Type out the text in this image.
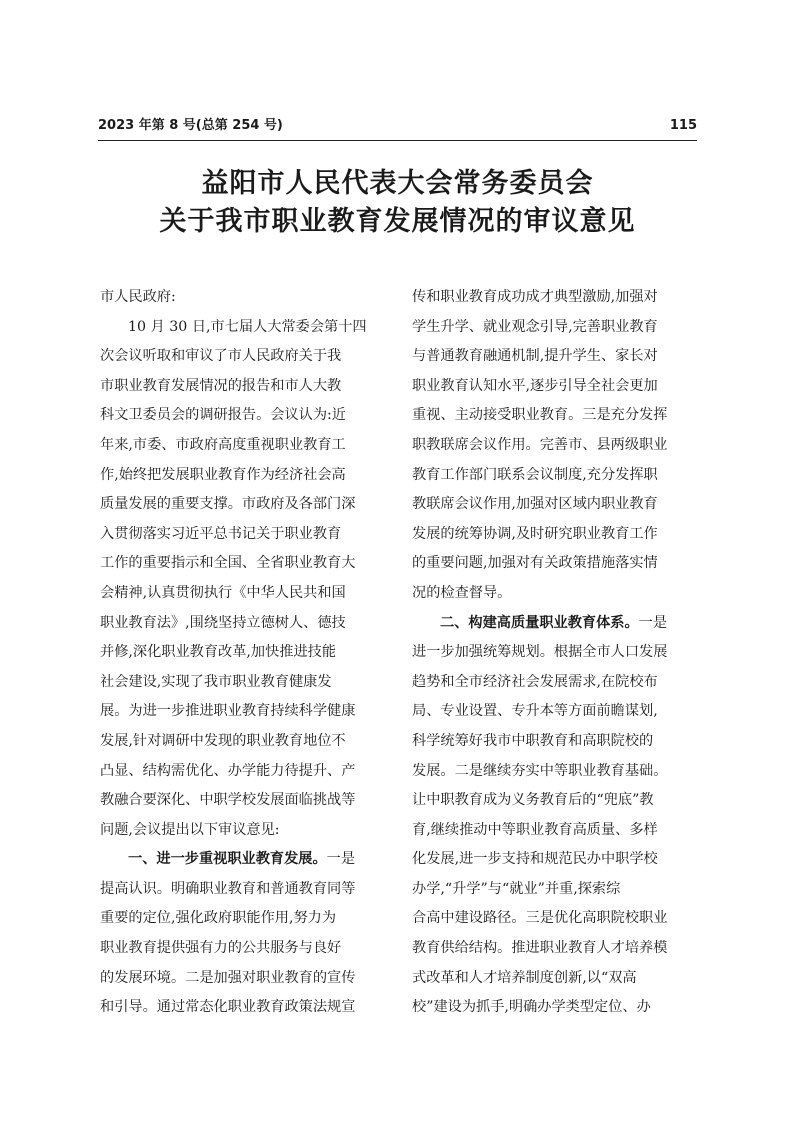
2023 年第 8 号(总第 254 号)	115
益阳市人民代表大会常务委员会
关于我市职业教育发展情况的审议意见
市人民政府:
10 月 30 日,市七届人大常委会第十四
次会议听取和审议了市人民政府关于我
市职业教育发展情况的报告和市人大教
科文卫委员会的调研报告。会议认为:近
年来,市委、市政府高度重视职业教育工
作,始终把发展职业教育作为经济社会高
质量发展的重要支撑。市政府及各部门深
入贯彻落实习近平总书记关于职业教育
工作的重要指示和全国、全省职业教育大
会精神,认真贯彻执行《中华人民共和国
职业教育法》,围绕坚持立德树人、德技
并修,深化职业教育改革,加快推进技能
社会建设,实现了我市职业教育健康发
展。为进一步推进职业教育持续科学健康
发展,针对调研中发现的职业教育地位不
凸显、结构需优化、办学能力待提升、产
教融合要深化、中职学校发展面临挑战等
问题,会议提出以下审议意见:
一、进一步重视职业教育发展。一是
提高认识。明确职业教育和普通教育同等
重要的定位,强化政府职能作用,努力为
职业教育提供强有力的公共服务与良好
的发展环境。二是加强对职业教育的宣传
和引导。通过常态化职业教育政策法规宣
传和职业教育成功成才典型激励,加强对
学生升学、就业观念引导,完善职业教育
与普通教育融通机制,提升学生、家长对
职业教育认知水平,逐步引导全社会更加
重视、主动接受职业教育。三是充分发挥
职教联席会议作用。完善市、县两级职业
教育工作部门联系会议制度,充分发挥职
教联席会议作用,加强对区域内职业教育
发展的统筹协调,及时研究职业教育工作
的重要问题,加强对有关政策措施落实情
况的检查督导。
二、构建高质量职业教育体系。一是
进一步加强统筹规划。根据全市人口发展
趋势和全市经济社会发展需求,在院校布
局、专业设置、专升本等方面前瞻谋划,
科学统筹好我市中职教育和高职院校的
发展。二是继续夯实中等职业教育基础。
让中职教育成为义务教育后的“兜底”教
育,继续推动中等职业教育高质量、多样
化发展,进一步支持和规范民办中职学校
办学,“升学”与“就业”并重,探索综
合高中建设路径。三是优化高职院校职业
教育供给结构。推进职业教育人才培养模
式改革和人才培养制度创新,以“双高
校”建设为抓手,明确办学类型定位、办
